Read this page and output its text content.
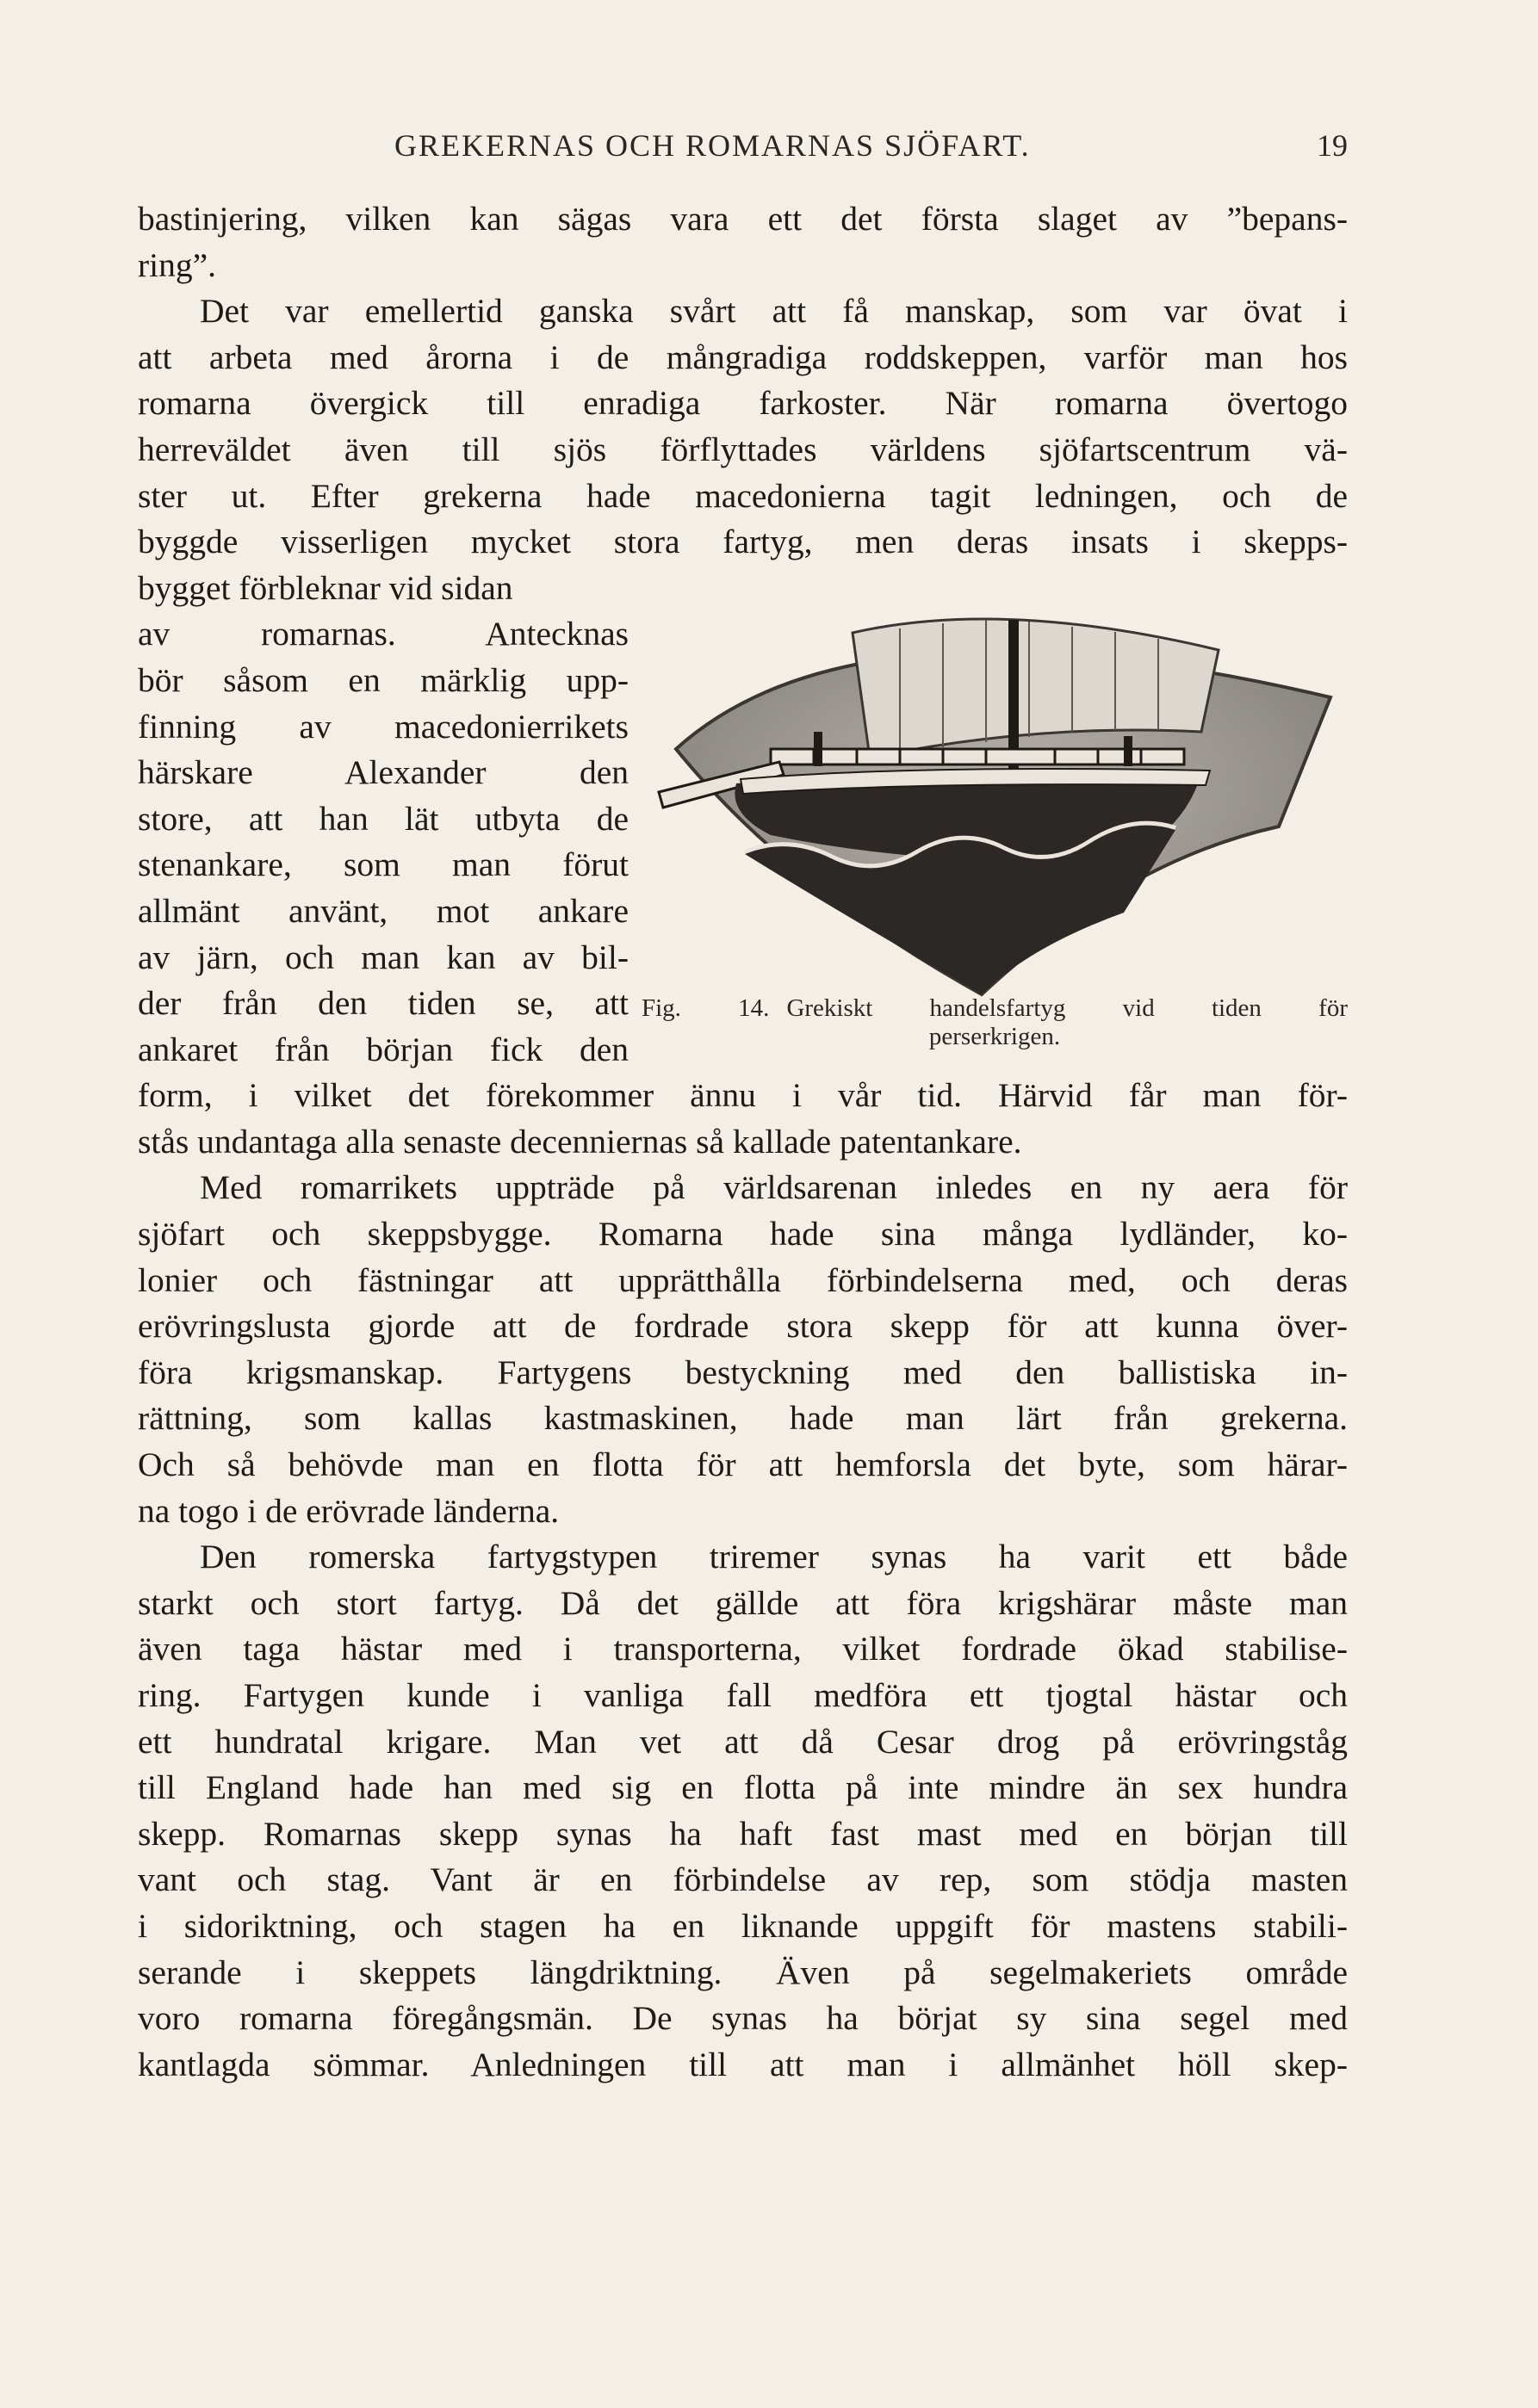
GREKERNAS OCH ROMARNAS SJÖFART.	19
bastinjering, vilken kan sägas vara ett det första slaget av ”bepans-
ring”.
Det var emellertid ganska svårt att få manskap, som var övat i
att arbeta med årorna i de mångradiga roddskeppen, varför man hos
romarna övergick till enradiga farkoster. När romarna övertogo
herreväldet även till sjös förflyttades världens sjöfartscentrum vä-
ster ut. Efter grekerna hade macedonierna tagit ledningen, och de
byggde visserligen mycket stora fartyg, men deras insats i skepps-
bygget förbleknar vid sidan
av romarnas. Antecknas
bör såsom en märklig upp-
finning av macedonierrikets
härskare Alexander den
store, att han lät utbyta de
stenankare, som man förut
allmänt använt, mot ankare
av järn, och man kan av bil-
der från den tiden se, att
ankaret från början fick den
form, i vilket det förekommer ännu i vår tid. Härvid får man för-
stås undantaga alla senaste decenniernas så kallade patentankare.
Med romarrikets uppträde på världsarenan inledes en ny aera för
sjöfart och skeppsbygge. Romarna hade sina många lydländer, ko-
lonier och fästningar att upprätthålla förbindelserna med, och deras
erövringslusta gjorde att de fordrade stora skepp för att kunna över-
föra krigsmanskap. Fartygens bestyckning med den ballistiska in-
rättning, som kallas kastmaskinen, hade man lärt från grekerna.
Och så behövde man en flotta för att hemforsla det byte, som härar-
na togo i de erövrade länderna.
Den romerska fartygstypen triremer synas ha varit ett både
starkt och stort fartyg. Då det gällde att föra krigshärar måste man
även taga hästar med i transporterna, vilket fordrade ökad stabilise-
ring. Fartygen kunde i vanliga fall medföra ett tjogtal hästar och
ett hundratal krigare. Man vet att då Cesar drog på erövringståg
till England hade han med sig en flotta på inte mindre än sex hundra
skepp. Romarnas skepp synas ha haft fast mast med en början till
vant och stag. Vant är en förbindelse av rep, som stödja masten
i sidoriktning, och stagen ha en liknande uppgift för mastens stabili-
serande i skeppets längdriktning. Även på segelmakeriets område
voro romarna föregångsmän. De synas ha börjat sy sina segel med
kantlagda sömmar. Anledningen till att man i allmänhet höll skep-
Fig. 14. Grekiskt handelsfartyg vid tiden för
perserkrigen.
